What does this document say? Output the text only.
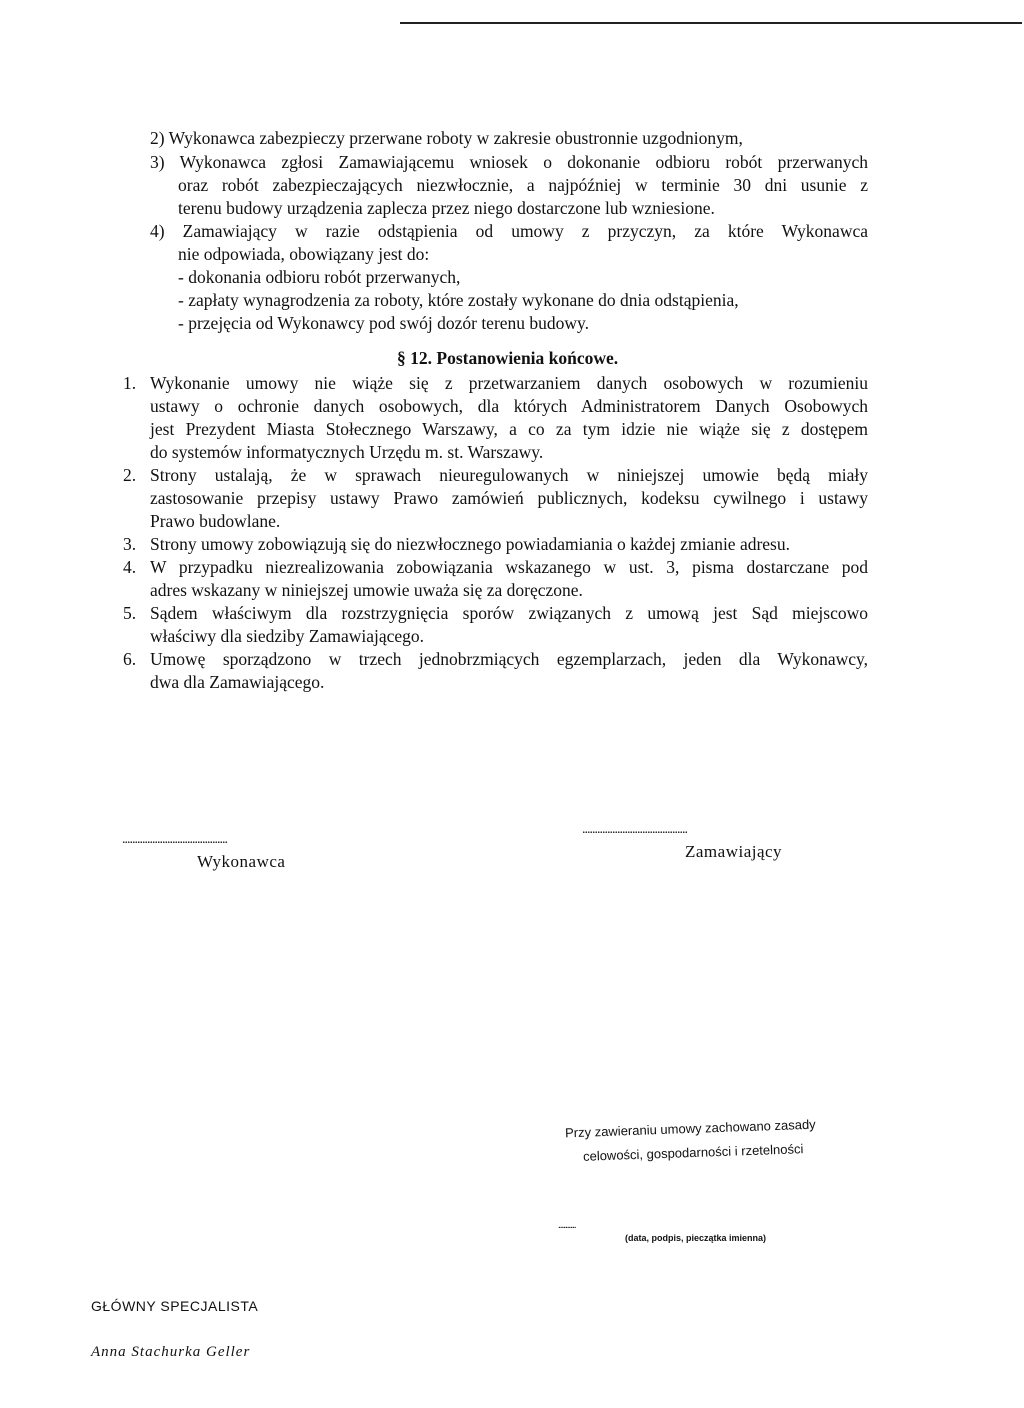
2) Wykonawca zabezpieczy przerwane roboty w zakresie obustronnie uzgodnionym,
3) Wykonawca zgłosi Zamawiającemu wniosek o dokonanie odbioru robót przerwanych
oraz robót zabezpieczających niezwłocznie, a najpóźniej w terminie 30 dni usunie z
terenu budowy urządzenia zaplecza przez niego dostarczone lub wzniesione.
4) Zamawiający w razie odstąpienia od umowy z przyczyn, za które Wykonawca
nie odpowiada, obowiązany jest do:
- dokonania odbioru robót przerwanych,
- zapłaty wynagrodzenia za roboty, które zostały wykonane do dnia odstąpienia,
- przejęcia od Wykonawcy pod swój dozór terenu budowy.
§ 12. Postanowienia końcowe.
1. Wykonanie umowy nie wiąże się z przetwarzaniem danych osobowych w rozumieniu
ustawy o ochronie danych osobowych, dla których Administratorem Danych Osobowych
jest Prezydent Miasta Stołecznego Warszawy, a co za tym idzie nie wiąże się z dostępem
do systemów informatycznych Urzędu m. st. Warszawy.
2. Strony ustalają, że w sprawach nieuregulowanych w niniejszej umowie będą miały
zastosowanie przepisy ustawy Prawo zamówień publicznych, kodeksu cywilnego i ustawy
Prawo budowlane.
3. Strony umowy zobowiązują się do niezwłocznego powiadamiania o każdej zmianie adresu.
4. W przypadku niezrealizowania zobowiązania wskazanego w ust. 3, pisma dostarczane pod
adres wskazany w niniejszej umowie uważa się za doręczone.
5. Sądem właściwym dla rozstrzygnięcia sporów związanych z umową jest Sąd miejscowo
właściwy dla siedziby Zamawiającego.
6. Umowę sporządzono w trzech jednobrzmiących egzemplarzach, jeden dla Wykonawcy,
dwa dla Zamawiającego.
..........................................
Wykonawca
..........................................
Zamawiający
Przy zawieraniu umowy zachowano zasady
celowości, gospodarności i rzetelności
..........
(data, podpis, pieczątka imienna)
GŁÓWNY SPECJALISTA
Anna Stachurka Geller
